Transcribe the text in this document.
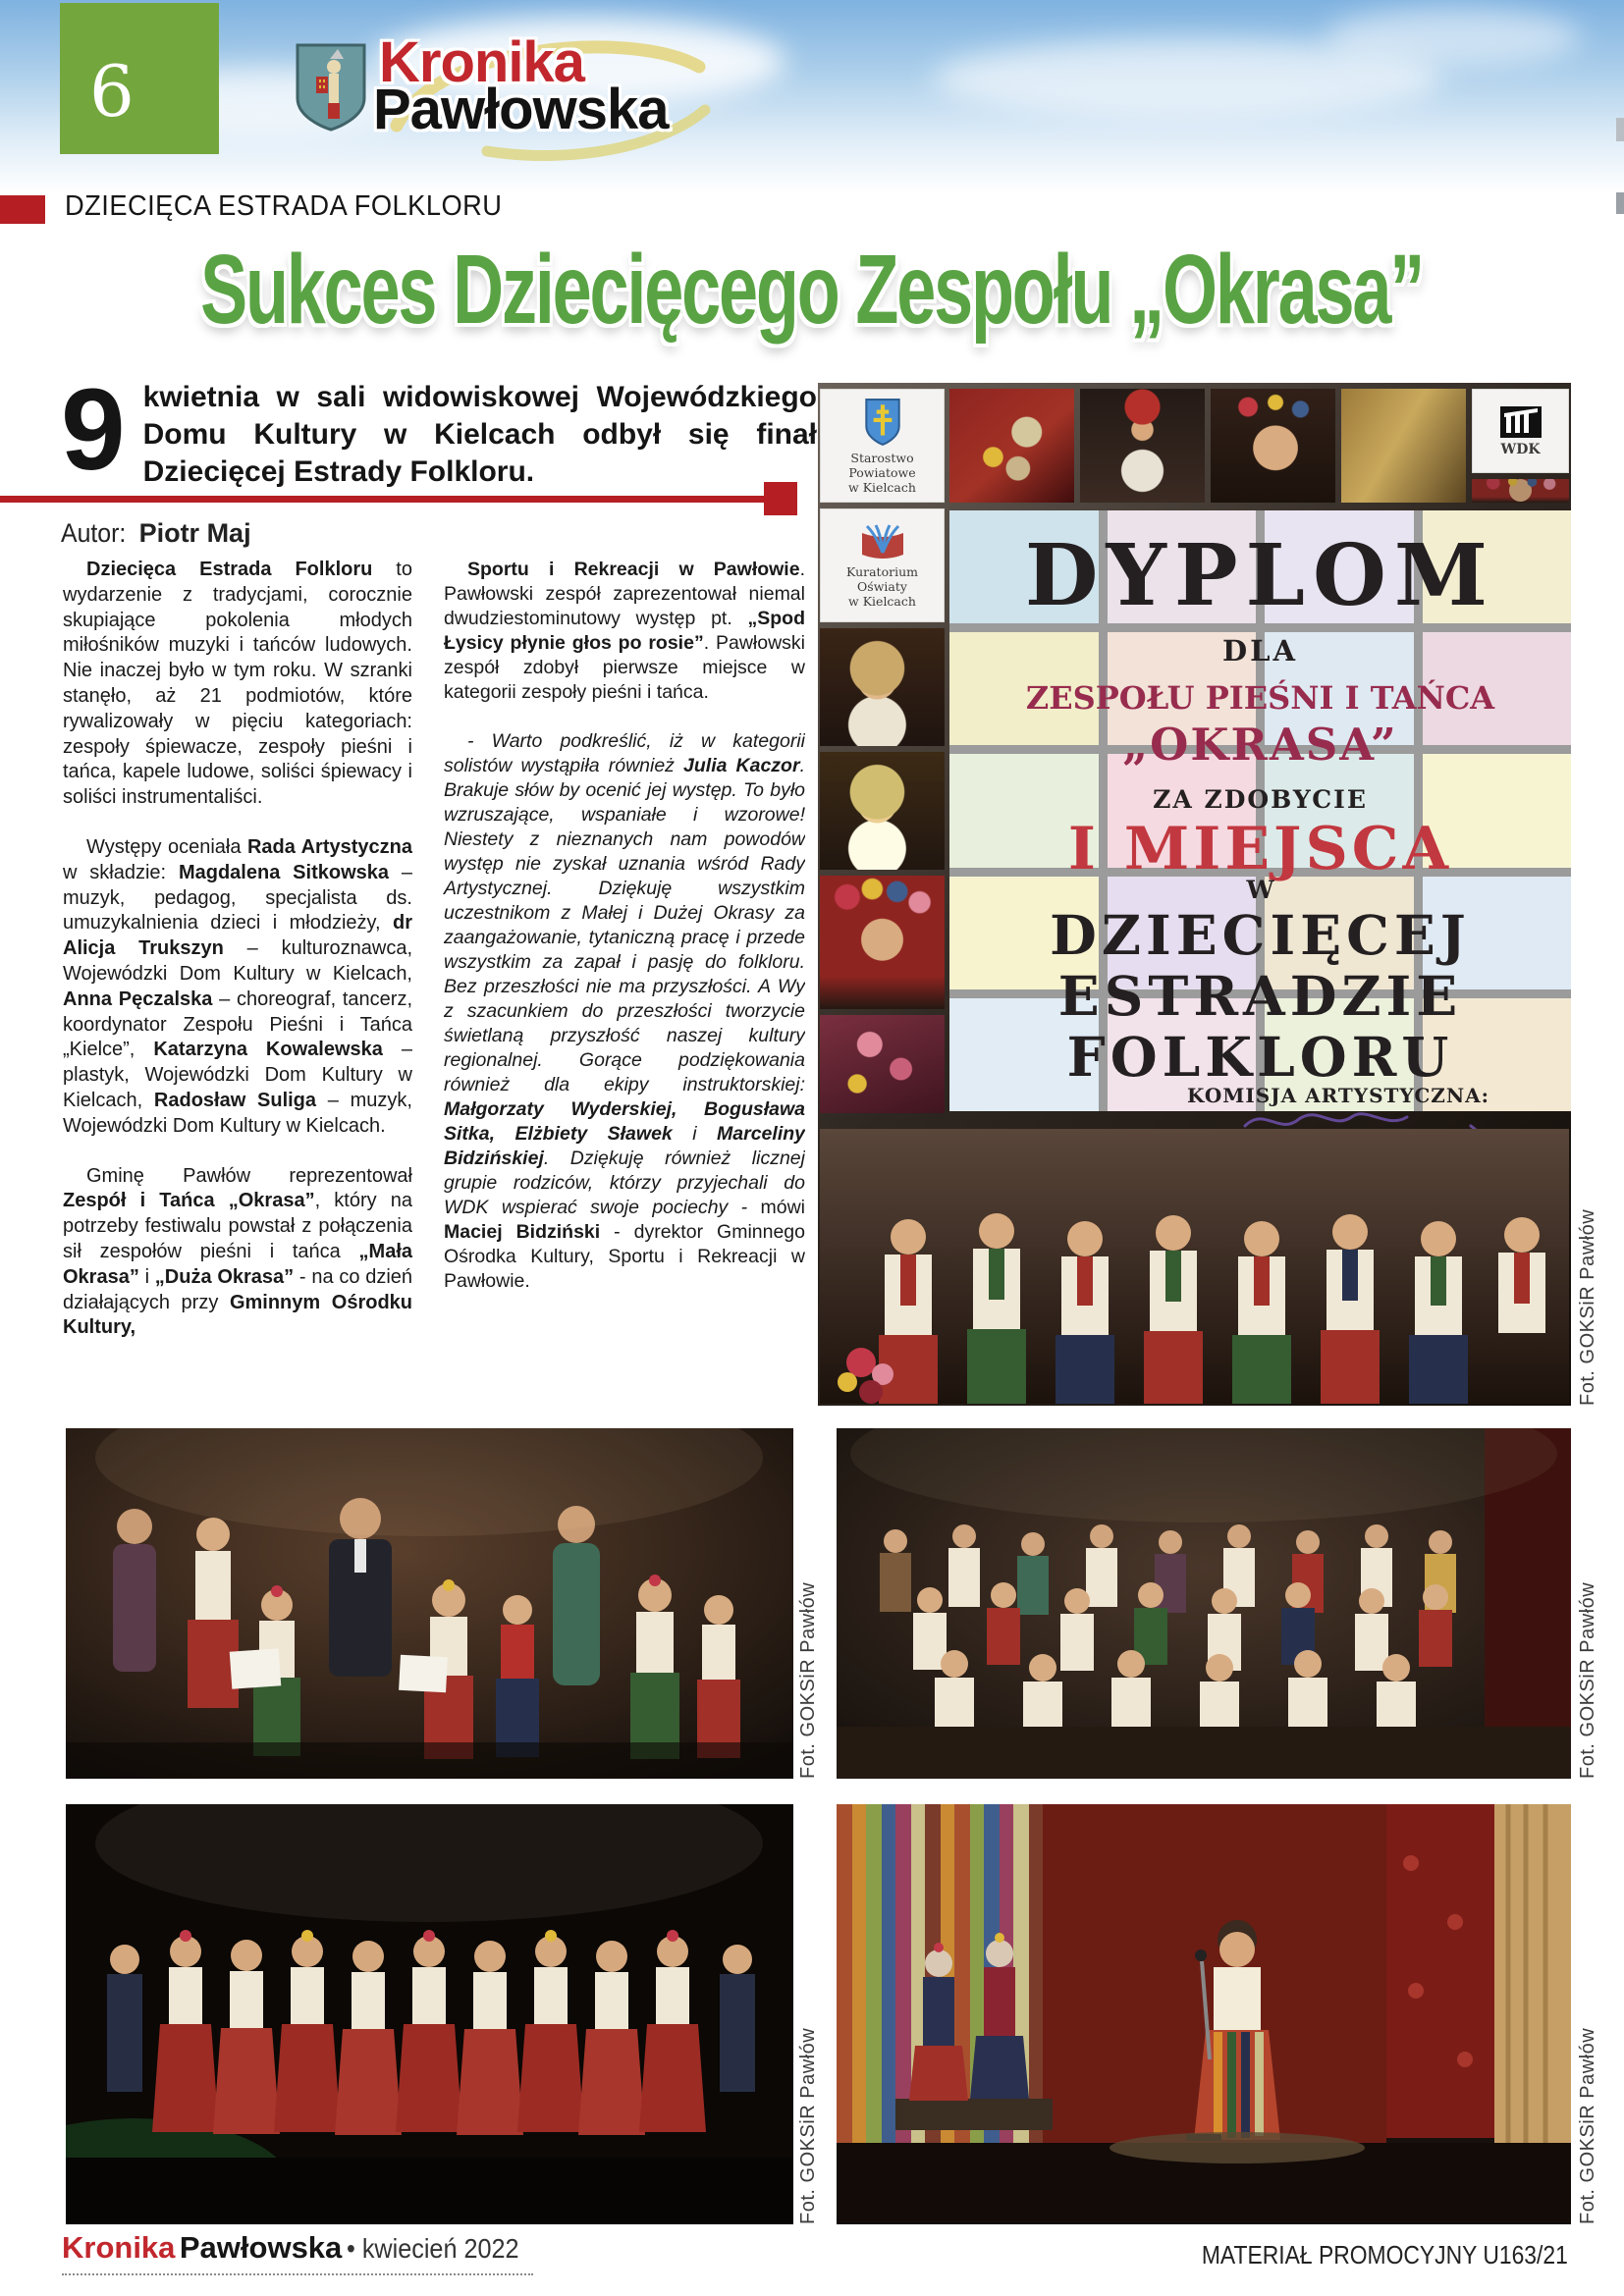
6	Kronika
Pawłowska
DZIECIĘCA ESTRADA FOLKLORU
Sukces Dziecięcego Zespołu „Okrasa”
9 kwietnia w sali widowiskowej Wojewódzkiego Domu Kultury w Kielcach odbył się finał Dziecięcej Estrady Folkloru.
Autor: Piotr Maj

Dziecięca Estrada Folkloru to wydarzenie z tradycjami, corocznie skupiające pokolenia młodych miłośników muzyki i tańców ludowych. Nie inaczej było w tym roku. W szranki stanęło, aż 21 podmiotów, które rywalizowały w pięciu kategoriach: zespoły śpiewacze, zespoły pieśni i tańca, kapele ludowe, soliści śpiewacy i soliści instrumentaliści.

Występy oceniała Rada Artystyczna w składzie: Magdalena Sitkowska – muzyk, pedagog, specjalista ds. umuzykalnienia dzieci i młodzieży, dr Alicja Trukszyn – kulturoznawca, Wojewódzki Dom Kultury w Kielcach, Anna Pęczalska – choreograf, tancerz, koordynator Zespołu Pieśni i Tańca „Kielce”, Katarzyna Kowalewska – plastyk, Wojewódzki Dom Kultury w Kielcach, Radosław Suliga – muzyk, Wojewódzki Dom Kultury w Kielcach.

Gminę Pawłów reprezentował Zespół i Tańca „Okrasa”, który na potrzeby festiwalu powstał z połączenia sił zespołów pieśni i tańca „Mała Okrasa” i „Duża Okrasa” - na co dzień działających przy Gminnym Ośrodku Kultury,

Sportu i Rekreacji w Pawłowie. Pawłowski zespół zaprezentował niemal dwudziestominutowy występ pt. „Spod Łysicy płynie głos po rosie”. Pawłowski zespół zdobył pierwsze miejsce w kategorii zespoły pieśni i tańca.

- Warto podkreślić, iż w kategorii solistów wystąpiła również Julia Kaczor. Brakuje słów by ocenić jej występ. To było wzruszające, wspaniałe i wzorowe! Niestety z nieznanych nam powodów występ nie zyskał uznania wśród Rady Artystycznej. Dziękuję wszystkim uczestnikom z Małej i Dużej Okrasy za zaangażowanie, tytaniczną pracę i przede wszystkim za zapał i pasję do folkloru. Bez przeszłości nie ma przyszłości. A Wy z szacunkiem do przeszłości tworzycie świetlaną przyszłość naszej kultury regionalnej. Gorące podziękowania również dla ekipy instruktorskiej: Małgorzaty Wyderskiej, Bogusława Sitka, Elżbiety Sławek i Marceliny Bidzińskiej. Dziękuję również licznej grupie rodziców, którzy przyjechali do WDK wspierać swoje pociechy - mówi Maciej Bidziński - dyrektor Gminnego Ośrodka Kultury, Sportu i Rekreacji w Pawłowie.

Starostwo Powiatowe
w Kielcach
Kuratorium Oświaty
w Kielcach
WDK
DYPLOM
DLA
ZESPOŁU PIEŚNI I TAŃCA
„OKRASA”
ZA ZDOBYCIE
I MIEJSCA
W
DZIECIĘCEJ
ESTRADZIE
FOLKLORU
KOMISJA ARTYSTYCZNA:
Fot. GOKSiR Pawłów
Fot. GOKSiR Pawłów	Fot. GOKSiR Pawłów
Fot. GOKSiR Pawłów	Fot. GOKSiR Pawłów
Kronika Pawłowska • kwiecień 2022	MATERIAŁ PROMOCYJNY U163/21
